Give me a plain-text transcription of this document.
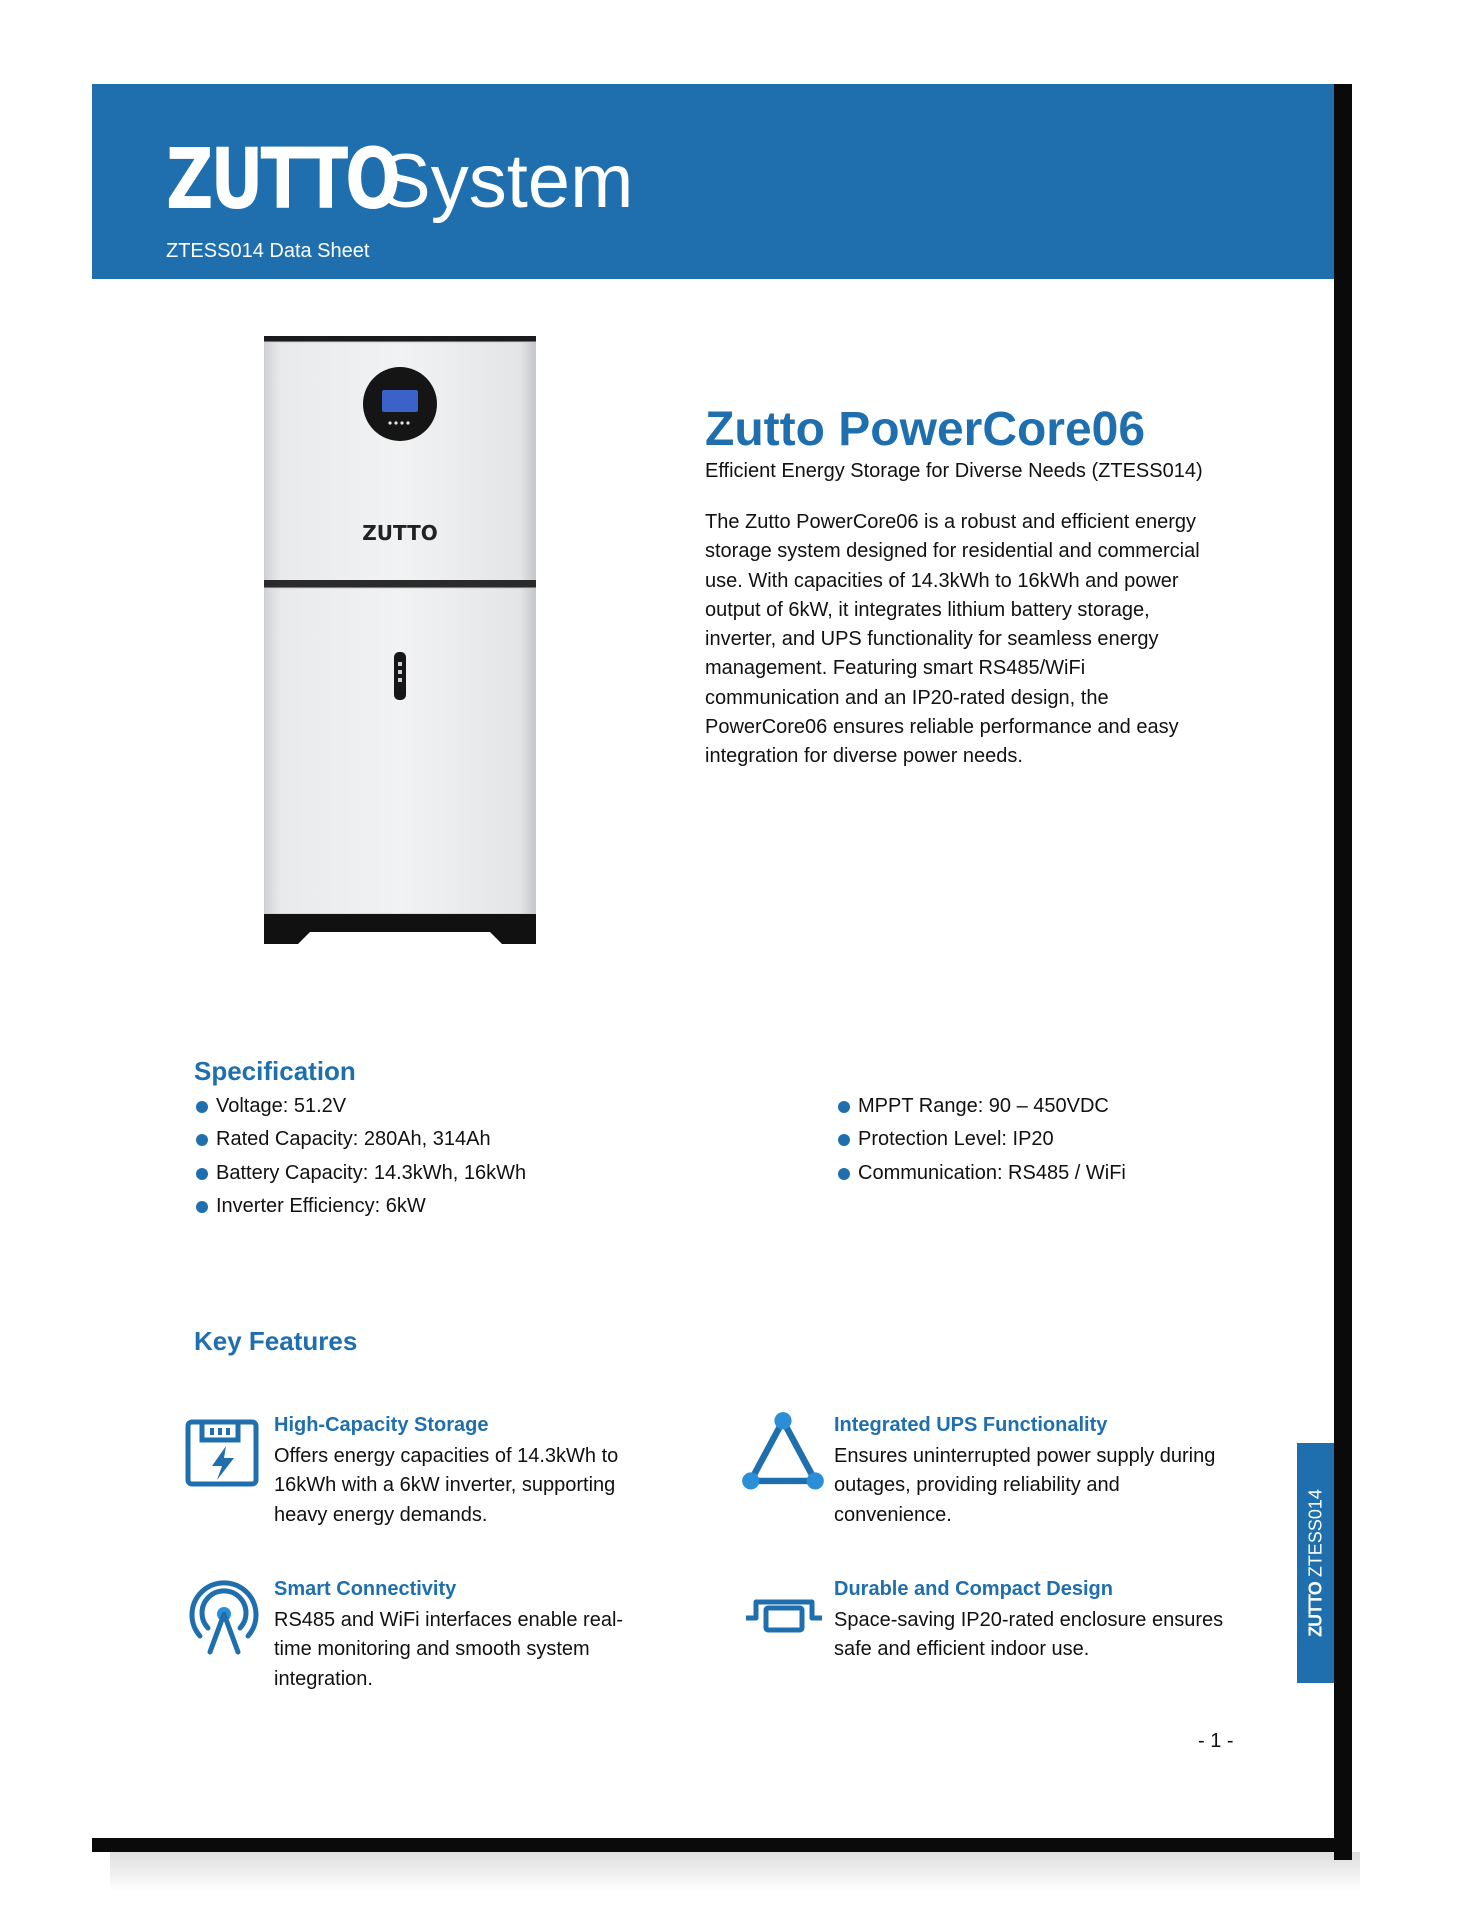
ZUTTO
System
ZTESS014 Data Sheet
ZUTTO
Zutto PowerCore06
Efficient Energy Storage for Diverse Needs (ZTESS014)
The Zutto PowerCore06 is a robust and efficient energy storage system designed for residential and commercial use. With capacities of 14.3kWh to 16kWh and power output of 6kW, it integrates lithium battery storage, inverter, and UPS functionality for seamless energy management. Featuring smart RS485/WiFi communication and an IP20-rated design, the PowerCore06 ensures reliable performance and easy integration for diverse power needs.
Specification
Voltage: 51.2V
Rated Capacity: 280Ah, 314Ah
Battery Capacity: 14.3kWh, 16kWh
Inverter Efficiency: 6kW
MPPT Range: 90 – 450VDC
Protection Level: IP20
Communication: RS485 / WiFi
Key Features
High-Capacity Storage
Offers energy capacities of 14.3kWh to 16kWh with a 6kW inverter, supporting heavy energy demands.
Integrated UPS Functionality
Ensures uninterrupted power supply during outages, providing reliability and convenience.
Smart Connectivity
RS485 and WiFi interfaces enable real-time monitoring and smooth system integration.
Durable and Compact Design
Space-saving IP20-rated enclosure ensures safe and efficient indoor use.
ZUTTO ZTESS014
- 1 -
